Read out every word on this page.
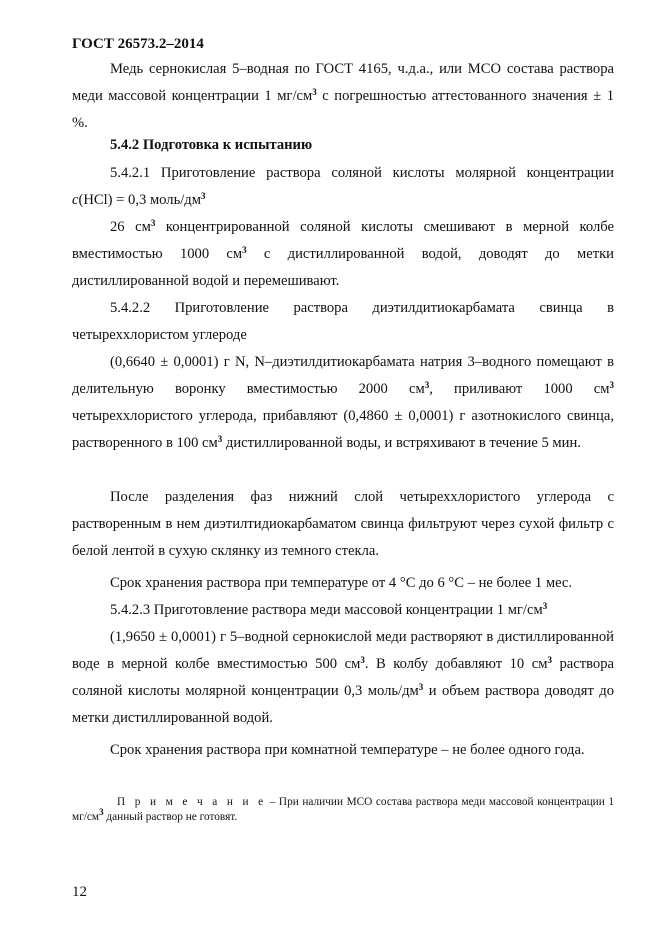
ГОСТ 26573.2–2014
Медь сернокислая 5–водная по ГОСТ 4165, ч.д.а., или МСО состава раствора меди массовой концентрации 1 $мг/см^3$ с погрешностью аттестованного значения ± 1 %.
5.4.2 Подготовка к испытанию
5.4.2.1 Приготовление раствора соляной кислоты молярной концентрации c(HCl) = 0,3 моль/$дм^3$
26 $см^3$ концентрированной соляной кислоты смешивают в мерной колбе вместимостью 1000 $см^3$ с дистиллированной водой, доводят до метки дистиллированной водой и перемешивают.
5.4.2.2 Приготовление раствора диэтилдитиокарбамата свинца в четыреххлористом углероде
(0,6640 ± 0,0001) г N, N–диэтилдитиокарбамата натрия 3–водного помещают в делительную воронку вместимостью 2000 $см^3$, приливают 1000 $см^3$ четыреххлористого углерода, прибавляют (0,4860 ± 0,0001) г азотнокислого свинца, растворенного в 100 $см^3$ дистиллированной воды, и встряхивают в течение 5 мин.
После разделения фаз нижний слой четыреххлористого углерода с растворенным в нем диэтилтидиокарбаматом свинца фильтруют через сухой фильтр с белой лентой в сухую склянку из темного стекла.
Срок хранения раствора при температуре от 4 °С до 6 °С – не более 1 мес.
5.4.2.3 Приготовление раствора меди массовой концентрации 1 $мг/см^3$
(1,9650 ± 0,0001) г 5–водной сернокислой меди растворяют в дистиллированной воде в мерной колбе вместимостью 500 $см^3$. В колбу добавляют 10 $см^3$ раствора соляной кислоты молярной концентрации 0,3 моль/$дм^3$ и объем раствора доводят до метки дистиллированной водой.
Срок хранения раствора при комнатной температуре – не более одного года.
П р и м е ч а н и е – При наличии МСО состава раствора меди массовой концентрации 1 $мг/см^3$ данный раствор не готовят.
12
